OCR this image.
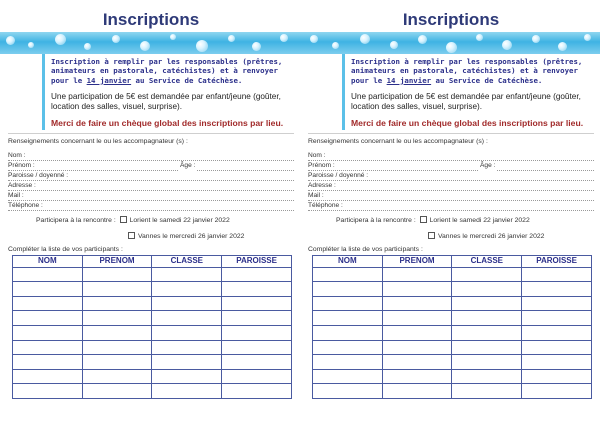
Inscriptions
Inscription à remplir par les responsables (prêtres, animateurs en pastorale, catéchistes) et à renvoyer pour le 14 janvier au Service de Catéchèse.
Une participation de 5€ est demandée par enfant/jeune (goûter, location des salles, visuel, surprise).
Merci de faire un chèque global des inscriptions par lieu.
Renseignements concernant le ou les accompagnateur (s) :
Nom :
Prénom :	Âge :
Paroisse / doyenné :
Adresse :
Mail :
Téléphone :
Participera à la rencontre : Lorient le samedi 22 janvier 2022
Vannes le mercredi 26 janvier 2022
Compléter la liste de vos participants :
NOM	PRENOM	CLASSE	PAROISSE

Inscriptions
Inscription à remplir par les responsables (prêtres, animateurs en pastorale, catéchistes) et à renvoyer pour le 14 janvier au Service de Catéchèse.
Une participation de 5€ est demandée par enfant/jeune (goûter, location des salles, visuel, surprise).
Merci de faire un chèque global des inscriptions par lieu.
Renseignements concernant le ou les accompagnateur (s) :
Nom :
Prénom :	Âge :
Paroisse / doyenné :
Adresse :
Mail :
Téléphone :
Participera à la rencontre : Lorient le samedi 22 janvier 2022
Vannes le mercredi 26 janvier 2022
Compléter la liste de vos participants :
NOM	PRENOM	CLASSE	PAROISSE
